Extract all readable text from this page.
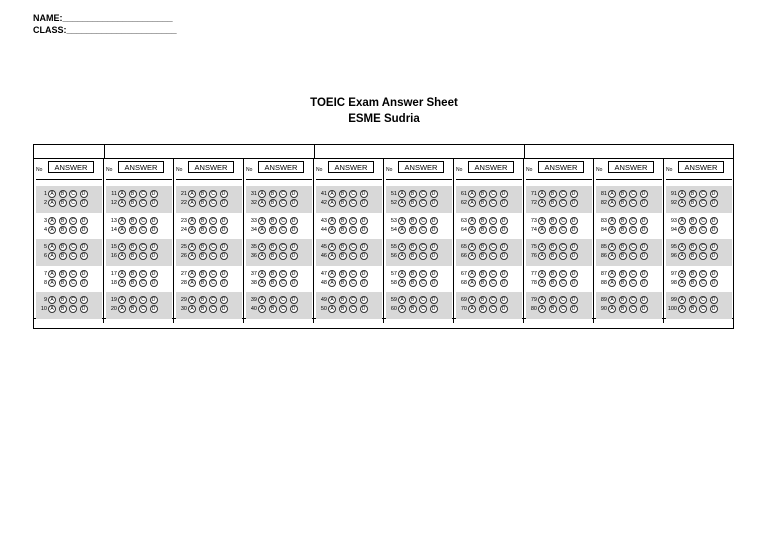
NAME:______________________
CLASS:______________________
TOEIC Exam Answer Sheet
ESME Sudria
No	ANSWER
1 A B C D
2 A B C D
3 A B C D
4 A B C D
5 A B C D
6 A B C D
7 A B C D
8 A B C D
9 A B C D
10 A B C D
No	ANSWER
11 A B C D
12 A B C D
13 A B C D
14 A B C D
15 A B C D
16 A B C D
17 A B C D
18 A B C D
19 A B C D
20 A B C D
No	ANSWER
21 A B C D
22 A B C D
23 A B C D
24 A B C D
25 A B C D
26 A B C D
27 A B C D
28 A B C D
29 A B C D
30 A B C D
No	ANSWER
31 A B C D
32 A B C D
33 A B C D
34 A B C D
35 A B C D
36 A B C D
37 A B C D
38 A B C D
39 A B C D
40 A B C D
No	ANSWER
41 A B C D
42 A B C D
43 A B C D
44 A B C D
45 A B C D
46 A B C D
47 A B C D
48 A B C D
49 A B C D
50 A B C D
No	ANSWER
51 A B C D
52 A B C D
53 A B C D
54 A B C D
55 A B C D
56 A B C D
57 A B C D
58 A B C D
59 A B C D
60 A B C D
No	ANSWER
61 A B C D
62 A B C D
63 A B C D
64 A B C D
65 A B C D
66 A B C D
67 A B C D
68 A B C D
69 A B C D
70 A B C D
No	ANSWER
71 A B C D
72 A B C D
73 A B C D
74 A B C D
75 A B C D
76 A B C D
77 A B C D
78 A B C D
79 A B C D
80 A B C D
No	ANSWER
81 A B C D
82 A B C D
83 A B C D
84 A B C D
85 A B C D
86 A B C D
87 A B C D
88 A B C D
89 A B C D
90 A B C D
No	ANSWER
91 A B C D
92 A B C D
93 A B C D
94 A B C D
95 A B C D
96 A B C D
97 A B C D
98 A B C D
99 A B C D
100 A B C D
